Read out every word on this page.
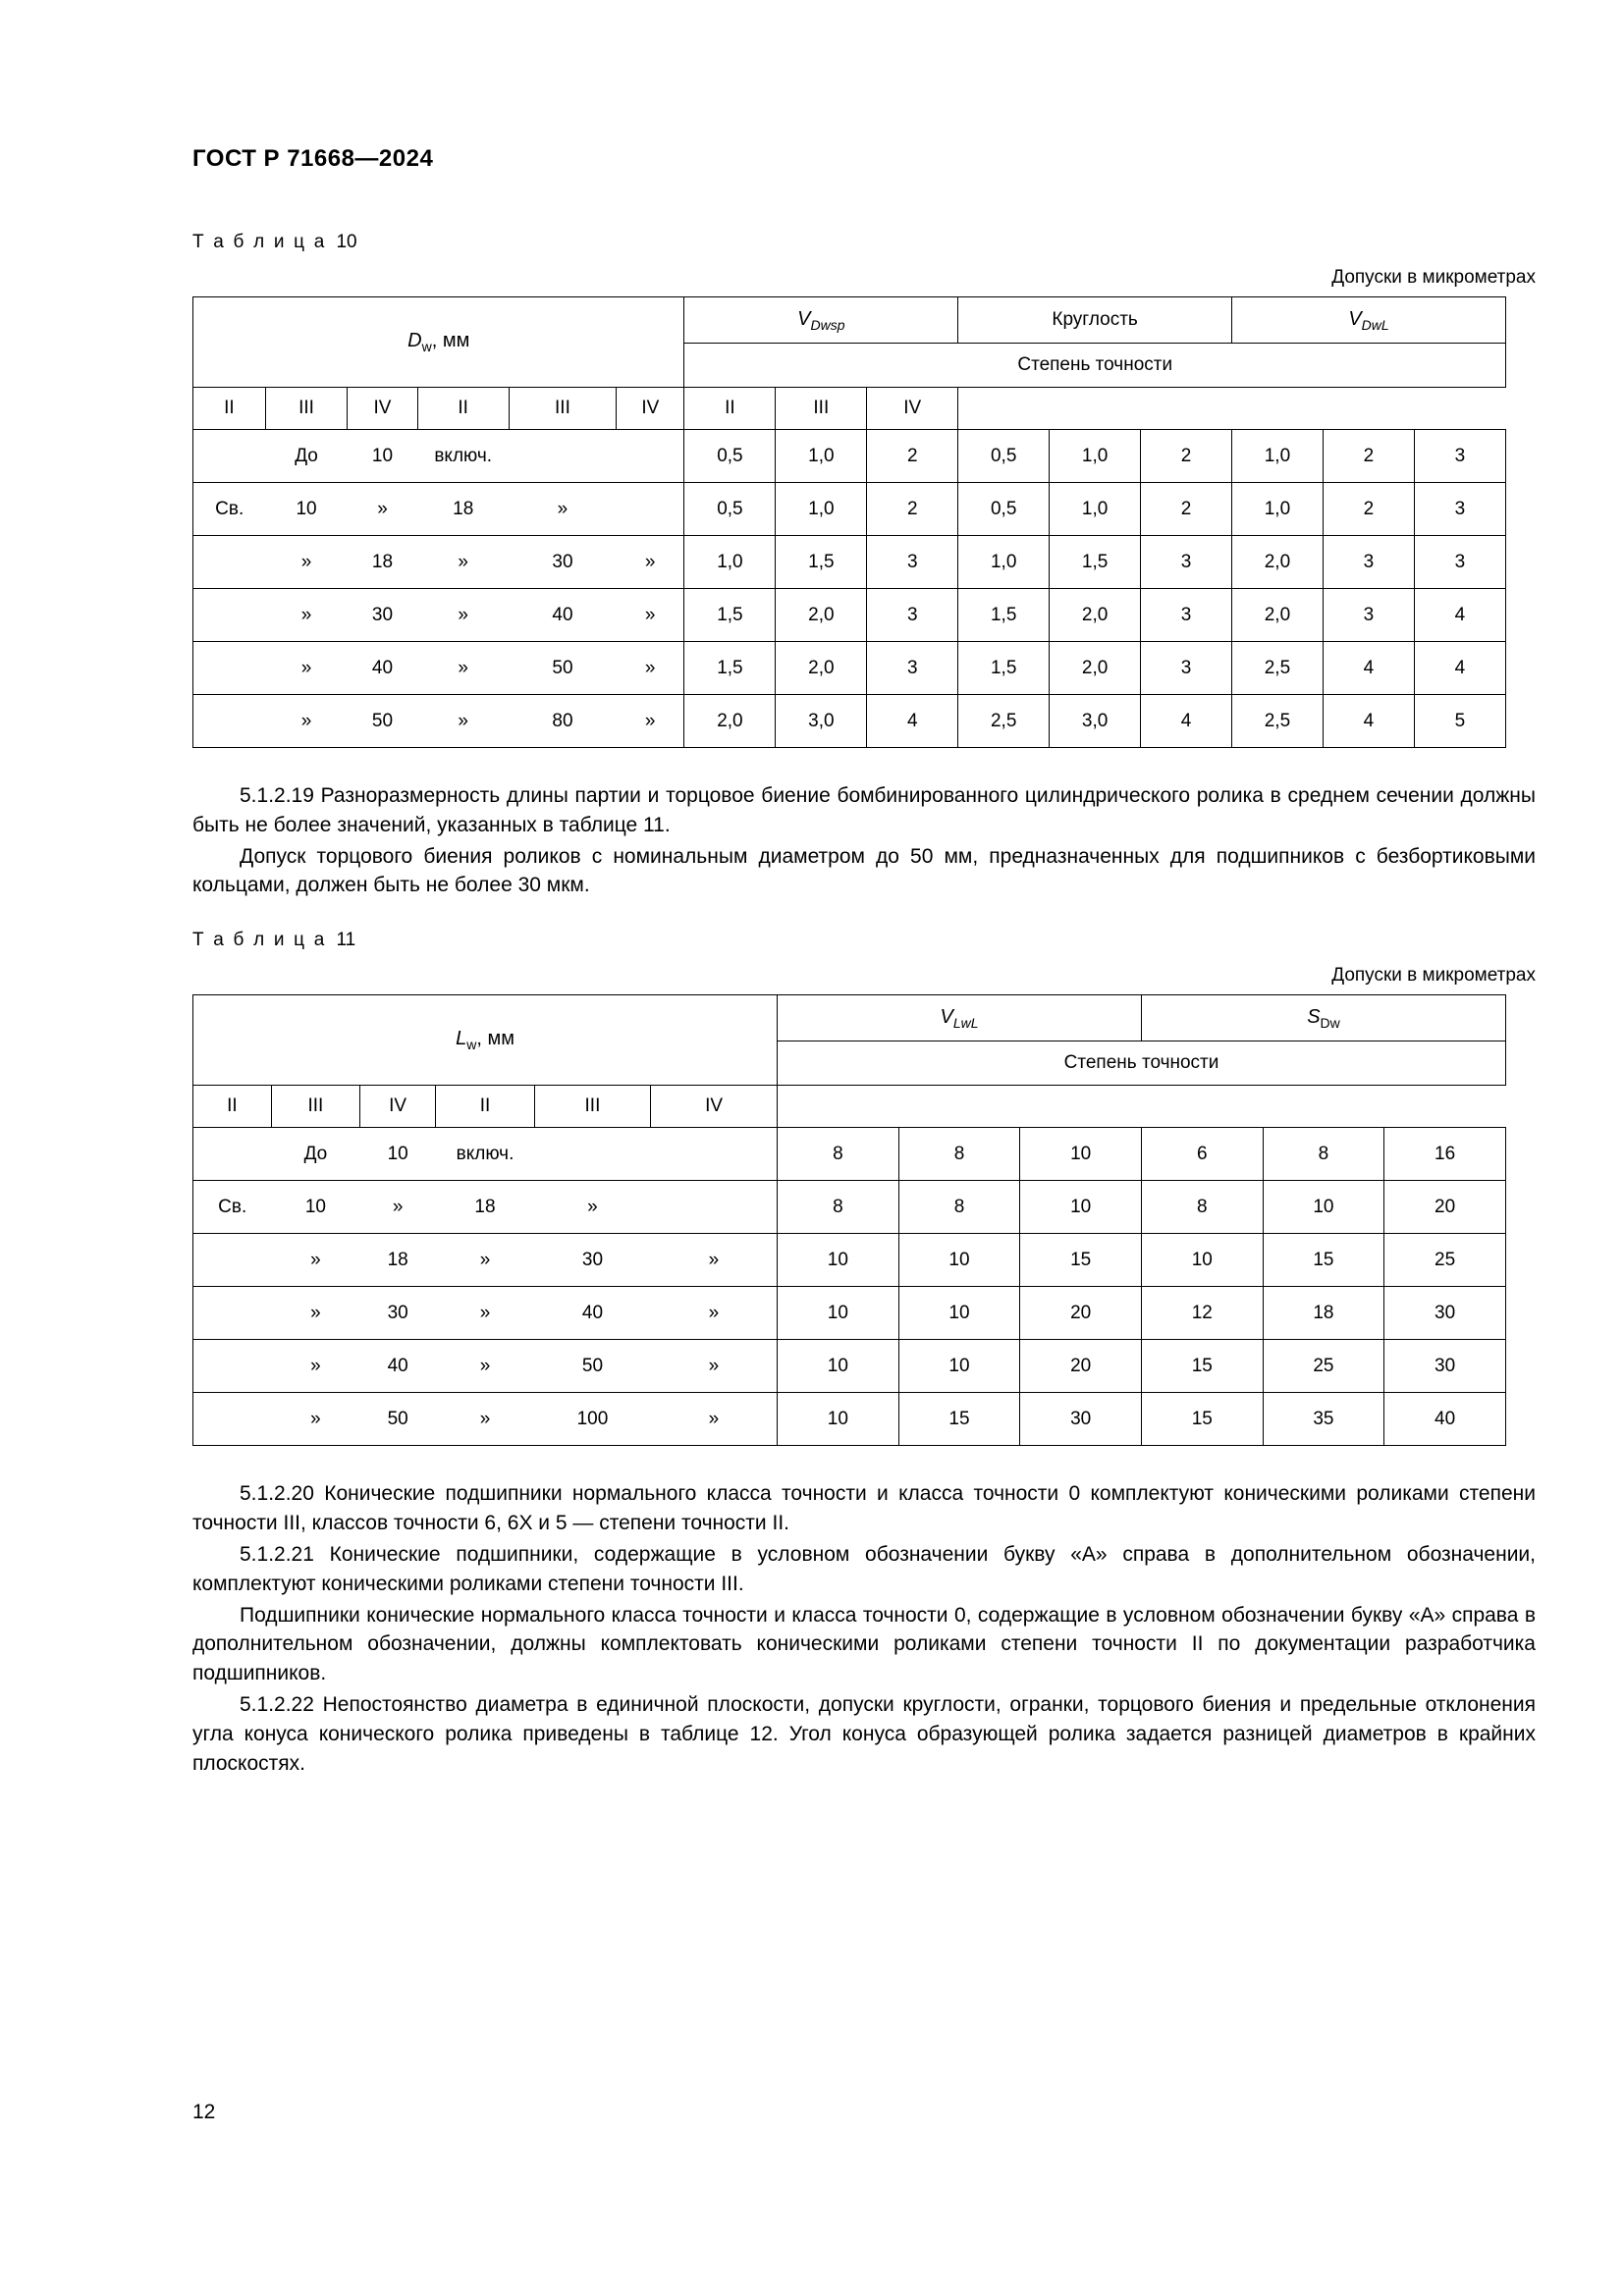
ГОСТ Р 71668—2024
Т а б л и ц а 10
Допуски в микрометрах
$D_w$, мм						$V_{Dwsp}$			Круглость			$V_{DwL}$
						Степень точности								
II	III	IV	II	III	IV	II	III	IV						
	До	10	включ.			0,5	1,0	2	0,5	1,0	2	1,0	2	3
Св.	10	»	18	»		0,5	1,0	2	0,5	1,0	2	1,0	2	3
	»	18	»	30	»	1,0	1,5	3	1,0	1,5	3	2,0	3	3
	»	30	»	40	»	1,5	2,0	3	1,5	2,0	3	2,0	3	4
	»	40	»	50	»	1,5	2,0	3	1,5	2,0	3	2,5	4	4
	»	50	»	80	»	2,0	3,0	4	2,5	3,0	4	2,5	4	5

5.1.2.19 Разноразмерность длины партии и торцовое биение бомбинированного цилиндрического ролика в среднем сечении должны быть не более значений, указанных в таблице 11.

Допуск торцового биения роликов с номинальным диаметром до 50 мм, предназначенных для подшипников с безбортиковыми кольцами, должен быть не более 30 мкм.

Т а б л и ц а 11
Допуски в микрометрах
$L_w$, мм						$V_{LwL}$			$S_{Dw}$
						Степень точности					
II	III	IV	II	III	IV						
	До	10	включ.			8	8	10	6	8	16
Св.	10	»	18	»		8	8	10	8	10	20
	»	18	»	30	»	10	10	15	10	15	25
	»	30	»	40	»	10	10	20	12	18	30
	»	40	»	50	»	10	10	20	15	25	30
	»	50	»	100	»	10	15	30	15	35	40

5.1.2.20 Конические подшипники нормального класса точности и класса точности 0 комплектуют коническими роликами степени точности III, классов точности 6, 6Х и 5 — степени точности II.

5.1.2.21 Конические подшипники, содержащие в условном обозначении букву «А» справа в дополнительном обозначении, комплектуют коническими роликами степени точности III.

Подшипники конические нормального класса точности и класса точности 0, содержащие в условном обозначении букву «А» справа в дополнительном обозначении, должны комплектовать коническими роликами степени точности II по документации разработчика подшипников.

5.1.2.22 Непостоянство диаметра в единичной плоскости, допуски круглости, огранки, торцового биения и предельные отклонения угла конуса конического ролика приведены в таблице 12. Угол конуса образующей ролика задается разницей диаметров в крайних плоскостях.

12
